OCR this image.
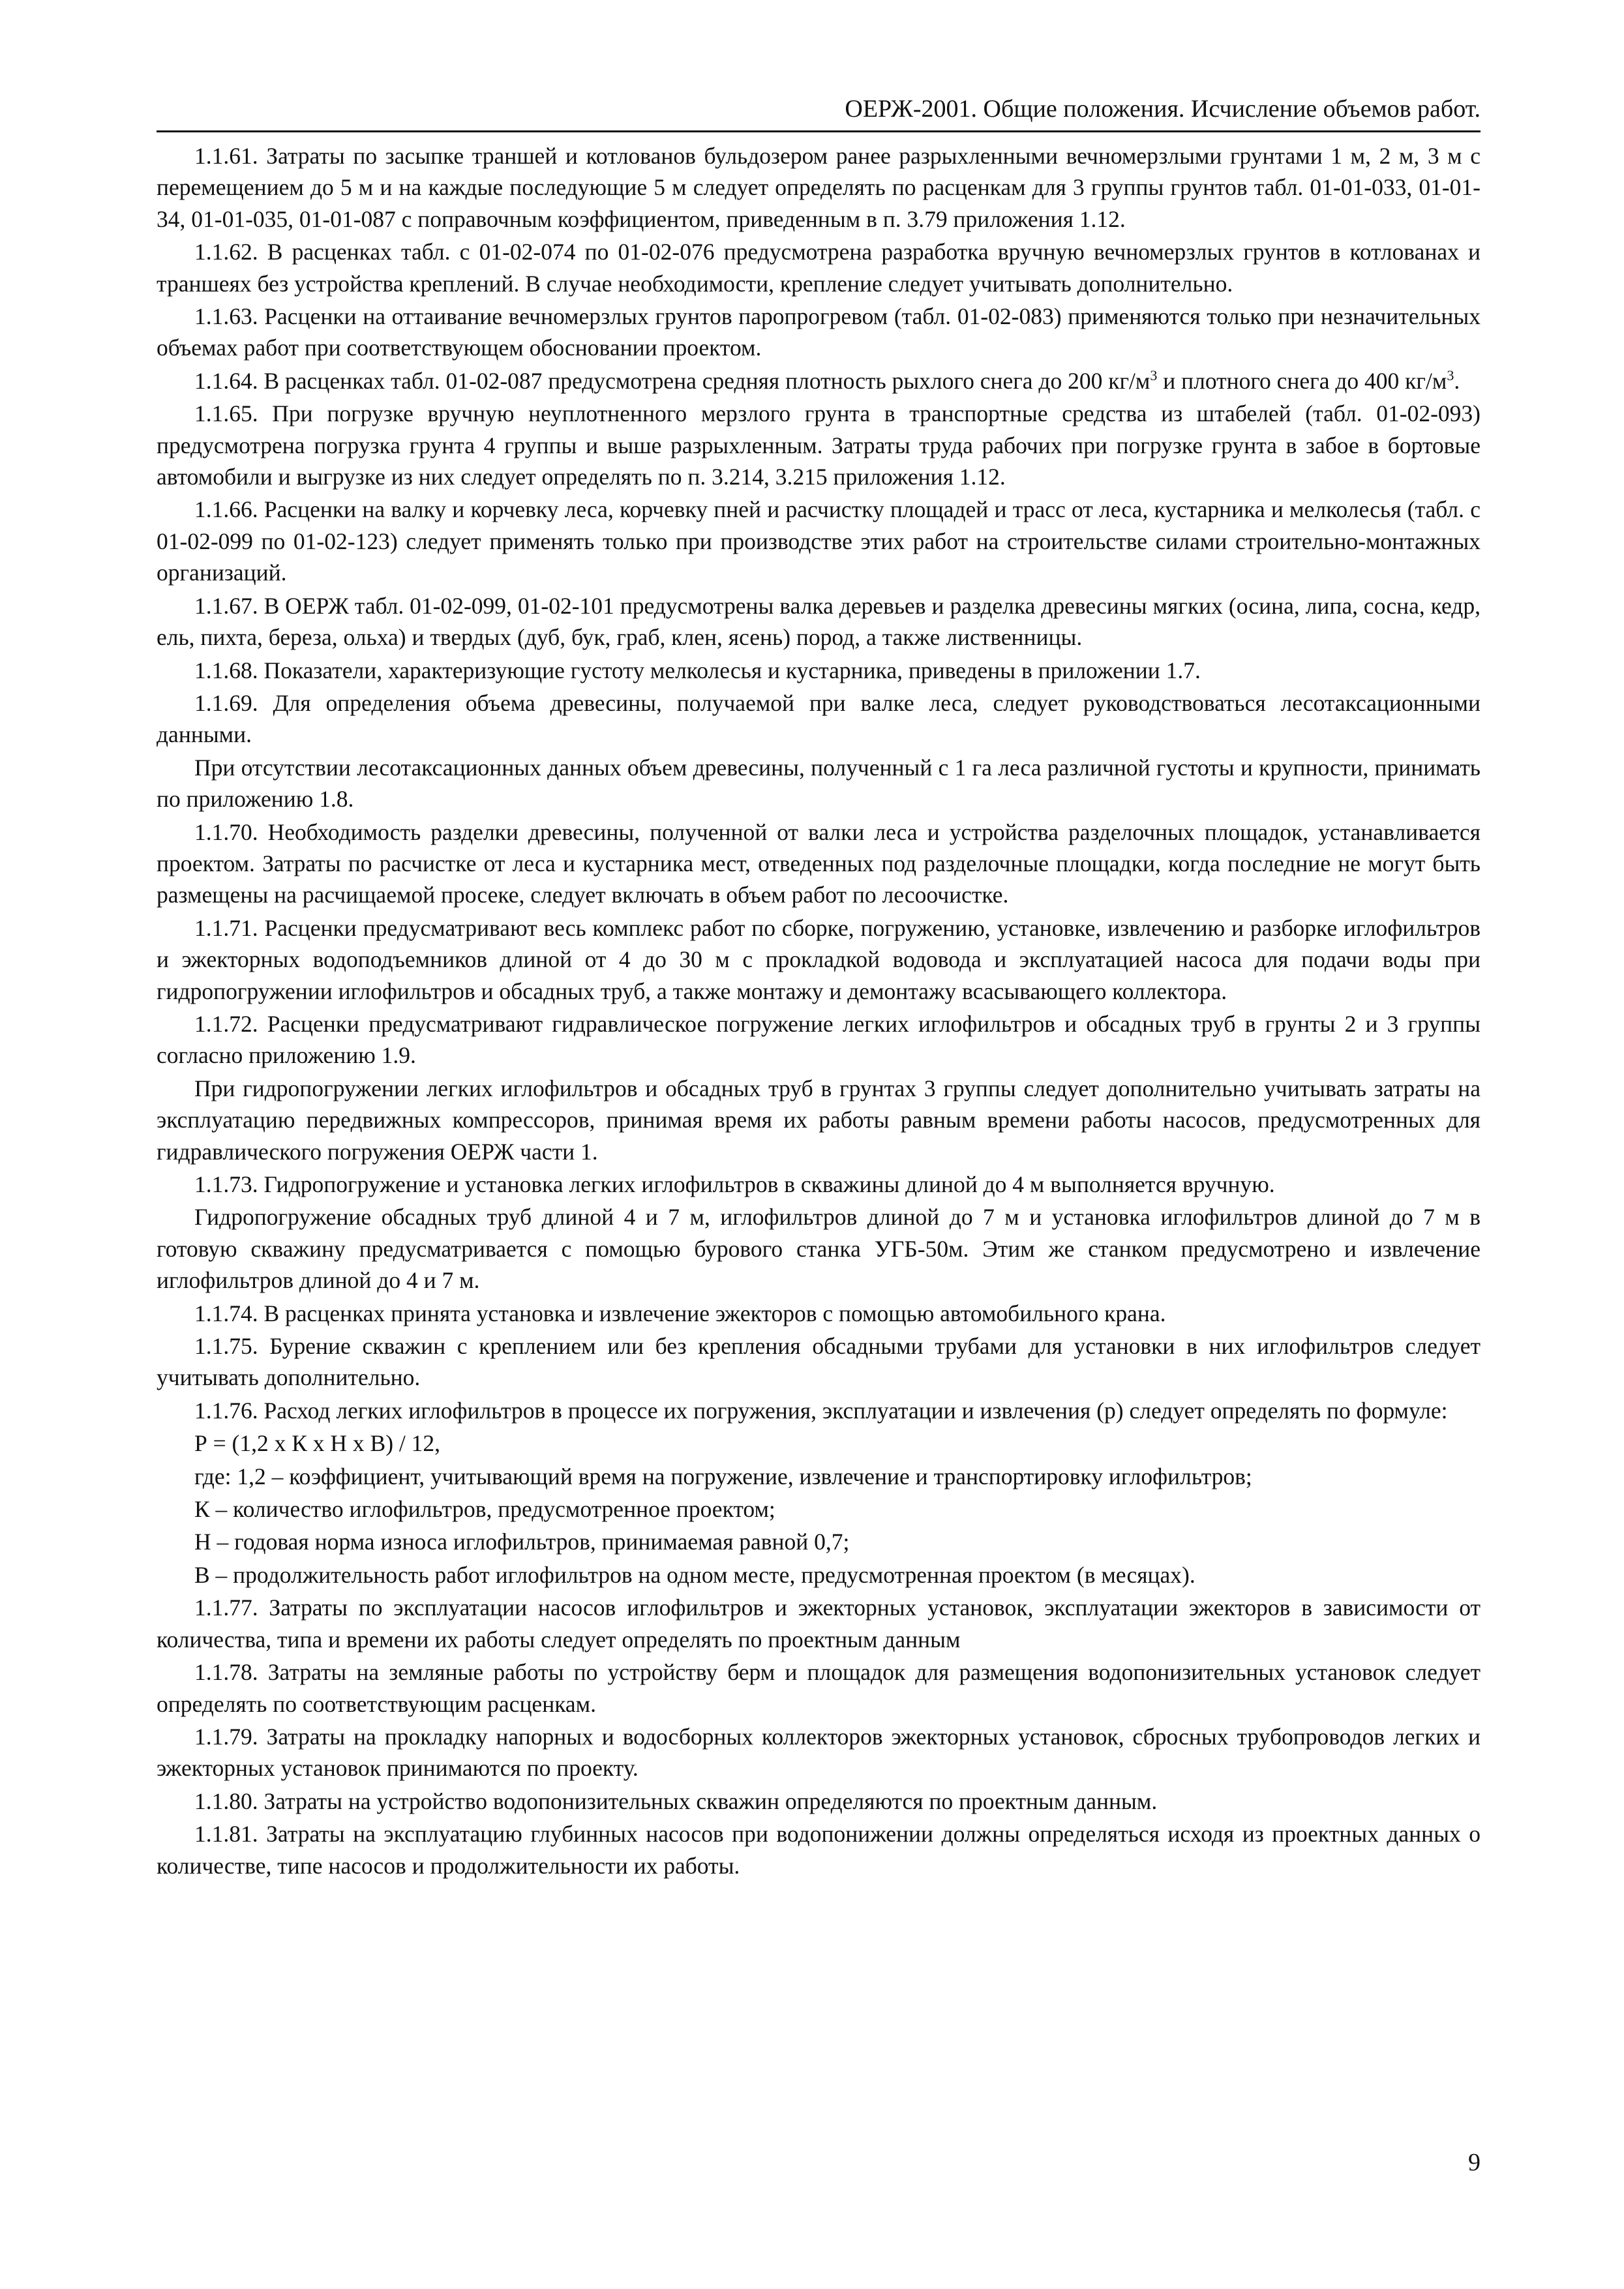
ОЕРЖ-2001. Общие положения. Исчисление объемов работ.

1.1.61. Затраты по засыпке траншей и котлованов бульдозером ранее разрыхленными вечномерзлыми грунтами 1 м, 2 м, 3 м с перемещением до 5 м и на каждые последующие 5 м следует определять по расценкам для 3 группы грунтов табл. 01-01-033, 01-01-34, 01-01-035, 01-01-087 с поправочным коэффициентом, приведенным в п. 3.79 приложения 1.12.

1.1.62. В расценках табл. с 01-02-074 по 01-02-076 предусмотрена разработка вручную вечномерзлых грунтов в котлованах и траншеях без устройства креплений. В случае необходимости, крепление следует учитывать дополнительно.

1.1.63. Расценки на оттаивание вечномерзлых грунтов паропрогревом (табл. 01-02-083) применяются только при незначительных объемах работ при соответствующем обосновании проектом.

1.1.64. В расценках табл. 01-02-087 предусмотрена средняя плотность рыхлого снега до 200 $кг/м^3$ и плотного снега до 400 $кг/м^3$.

1.1.65. При погрузке вручную неуплотненного мерзлого грунта в транспортные средства из штабелей (табл. 01-02-093) предусмотрена погрузка грунта 4 группы и выше разрыхленным. Затраты труда рабочих при погрузке грунта в забое в бортовые автомобили и выгрузке из них следует определять по п. 3.214, 3.215 приложения 1.12.

1.1.66. Расценки на валку и корчевку леса, корчевку пней и расчистку площадей и трасс от леса, кустарника и мелколесья (табл. с 01-02-099 по 01-02-123) следует применять только при производстве этих работ на строительстве силами строительно-монтажных организаций.

1.1.67. В ОЕРЖ табл. 01-02-099, 01-02-101 предусмотрены валка деревьев и разделка древесины мягких (осина, липа, сосна, кедр, ель, пихта, береза, ольха) и твердых (дуб, бук, граб, клен, ясень) пород, а также лиственницы.

1.1.68. Показатели, характеризующие густоту мелколесья и кустарника, приведены в приложении 1.7.

1.1.69. Для определения объема древесины, получаемой при валке леса, следует руководствоваться лесотаксационными данными.

При отсутствии лесотаксационных данных объем древесины, полученный с 1 га леса различной густоты и крупности, принимать по приложению 1.8.

1.1.70. Необходимость разделки древесины, полученной от валки леса и устройства разделочных площадок, устанавливается проектом. Затраты по расчистке от леса и кустарника мест, отведенных под разделочные площадки, когда последние не могут быть размещены на расчищаемой просеке, следует включать в объем работ по лесоочистке.

1.1.71. Расценки предусматривают весь комплекс работ по сборке, погружению, установке, извлечению и разборке иглофильтров и эжекторных водоподъемников длиной от 4 до 30 м с прокладкой водовода и эксплуатацией насоса для подачи воды при гидропогружении иглофильтров и обсадных труб, а также монтажу и демонтажу всасывающего коллектора.

1.1.72. Расценки предусматривают гидравлическое погружение легких иглофильтров и обсадных труб в грунты 2 и 3 группы согласно приложению 1.9.

При гидропогружении легких иглофильтров и обсадных труб в грунтах 3 группы следует дополнительно учитывать затраты на эксплуатацию передвижных компрессоров, принимая время их работы равным времени работы насосов, предусмотренных для гидравлического погружения ОЕРЖ части 1.

1.1.73. Гидропогружение и установка легких иглофильтров в скважины длиной до 4 м выполняется вручную.

Гидропогружение обсадных труб длиной 4 и 7 м, иглофильтров длиной до 7 м и установка иглофильтров длиной до 7 м в готовую скважину предусматривается с помощью бурового станка УГБ-50м. Этим же станком предусмотрено и извлечение иглофильтров длиной до 4 и 7 м.

1.1.74. В расценках принята установка и извлечение эжекторов с помощью автомобильного крана.

1.1.75. Бурение скважин с креплением или без крепления обсадными трубами для установки в них иглофильтров следует учитывать дополнительно.

1.1.76. Расход легких иглофильтров в процессе их погружения, эксплуатации и извлечения (р) следует определять по формуле:

Р = (1,2 x К x Н x В) / 12,

где: 1,2 – коэффициент, учитывающий время на погружение, извлечение и транспортировку иглофильтров;

К – количество иглофильтров, предусмотренное проектом;

Н – годовая норма износа иглофильтров, принимаемая равной 0,7;

В – продолжительность работ иглофильтров на одном месте, предусмотренная проектом (в месяцах).

1.1.77. Затраты по эксплуатации насосов иглофильтров и эжекторных установок, эксплуатации эжекторов в зависимости от количества, типа и времени их работы следует определять по проектным данным

1.1.78. Затраты на земляные работы по устройству берм и площадок для размещения водопонизительных установок следует определять по соответствующим расценкам.

1.1.79. Затраты на прокладку напорных и водосборных коллекторов эжекторных установок, сбросных трубопроводов легких и эжекторных установок принимаются по проекту.

1.1.80. Затраты на устройство водопонизительных скважин определяются по проектным данным.

1.1.81. Затраты на эксплуатацию глубинных насосов при водопонижении должны определяться исходя из проектных данных о количестве, типе насосов и продолжительности их работы.

9
